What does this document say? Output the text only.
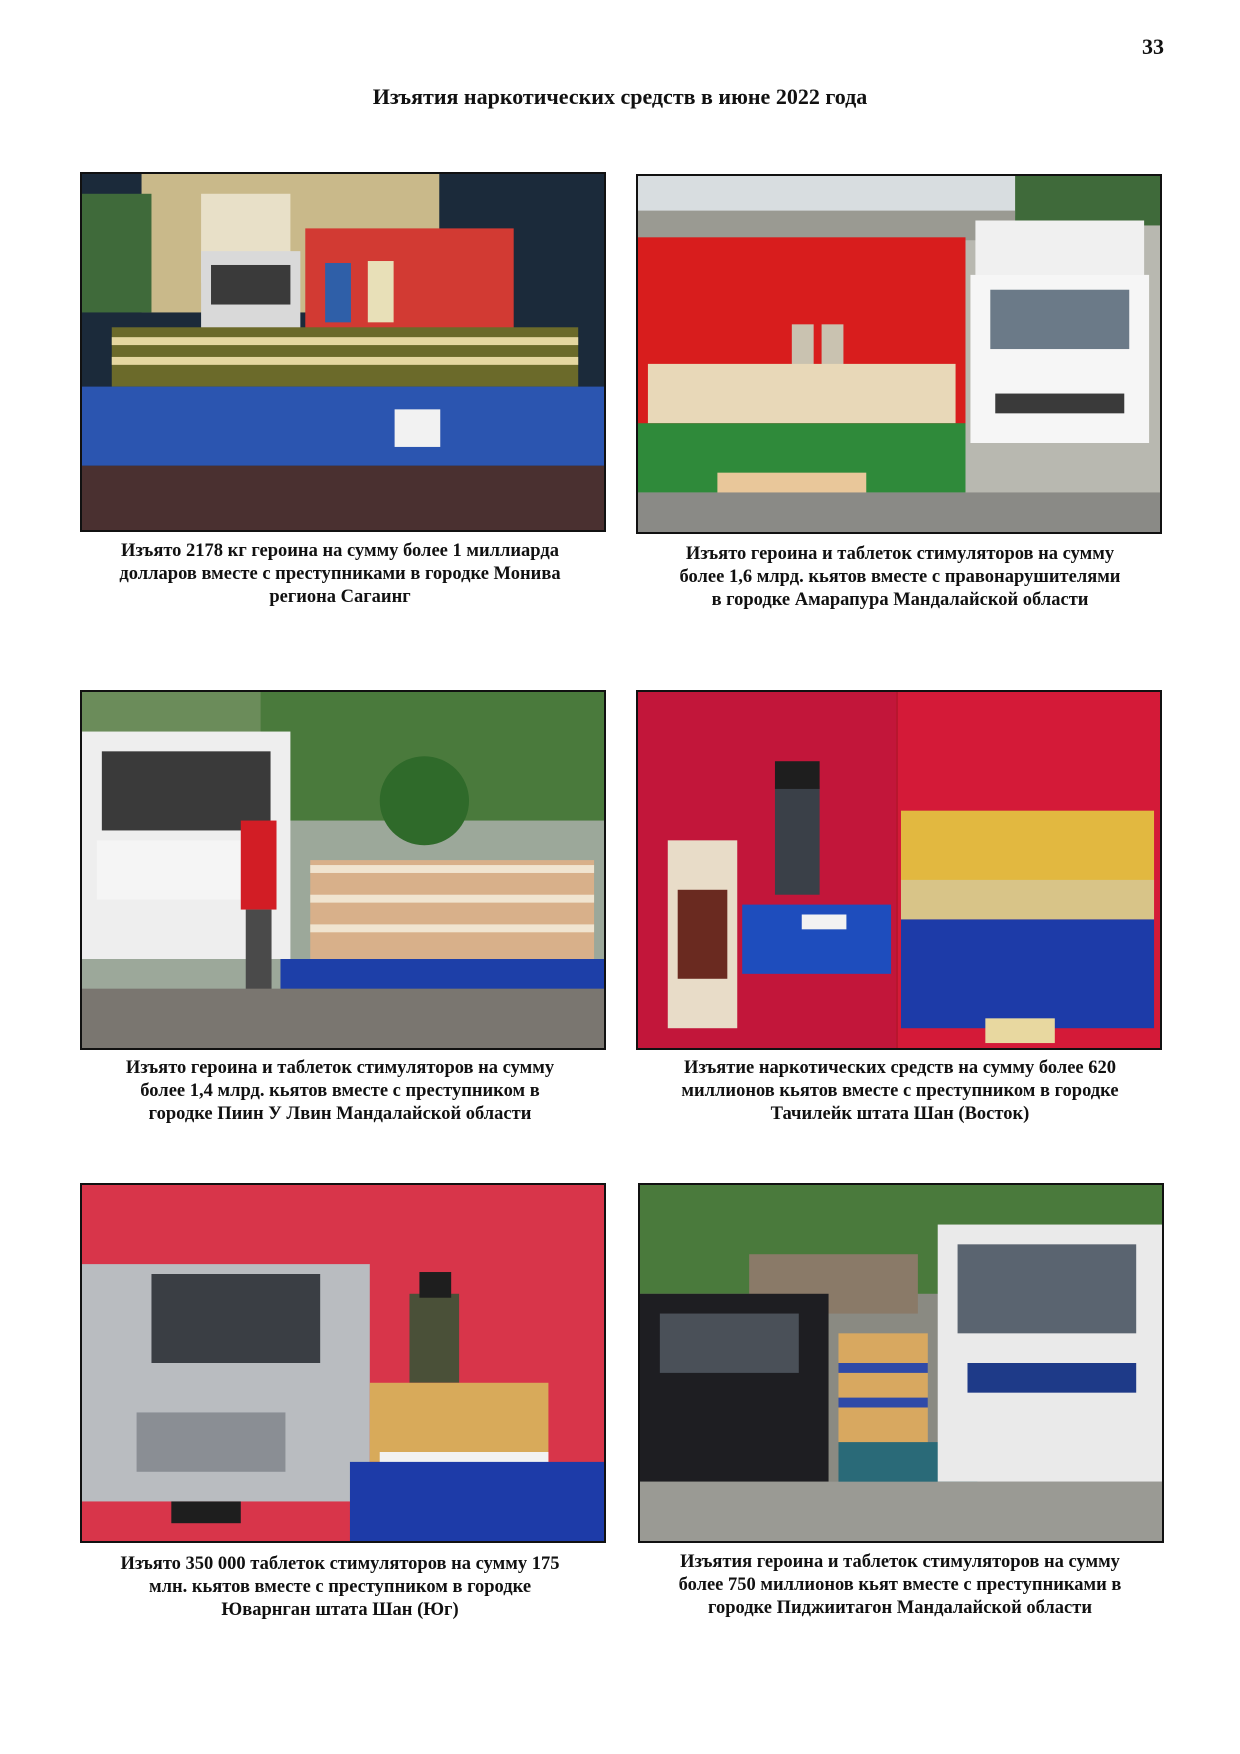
33
Изъятия наркотических средств в июне 2022 года
Изъято 2178 кг героина на сумму более 1 миллиарда
долларов вместе с преступниками в городке Монива
региона Сагаинг
Изъято героина и таблеток стимуляторов на сумму
более 1,6 млрд. кьятов вместе с правонарушителями
в городке Амарапура Мандалайской области
Изъято героина и таблеток стимуляторов на сумму
более 1,4 млрд. кьятов вместе с преступником в
городке Пиин У Лвин Мандалайской области
Изъятие наркотических средств на сумму более 620
миллионов кьятов вместе с преступником в городке
Тачилейк штата Шан (Восток)
Изъято 350 000 таблеток стимуляторов на сумму 175
млн. кьятов вместе с преступником в городке
Юварнган штата Шан (Юг)
Изъятия героина и таблеток стимуляторов на сумму
более 750 миллионов кьят вместе с преступниками в
городке Пиджиитагон Мандалайской области
